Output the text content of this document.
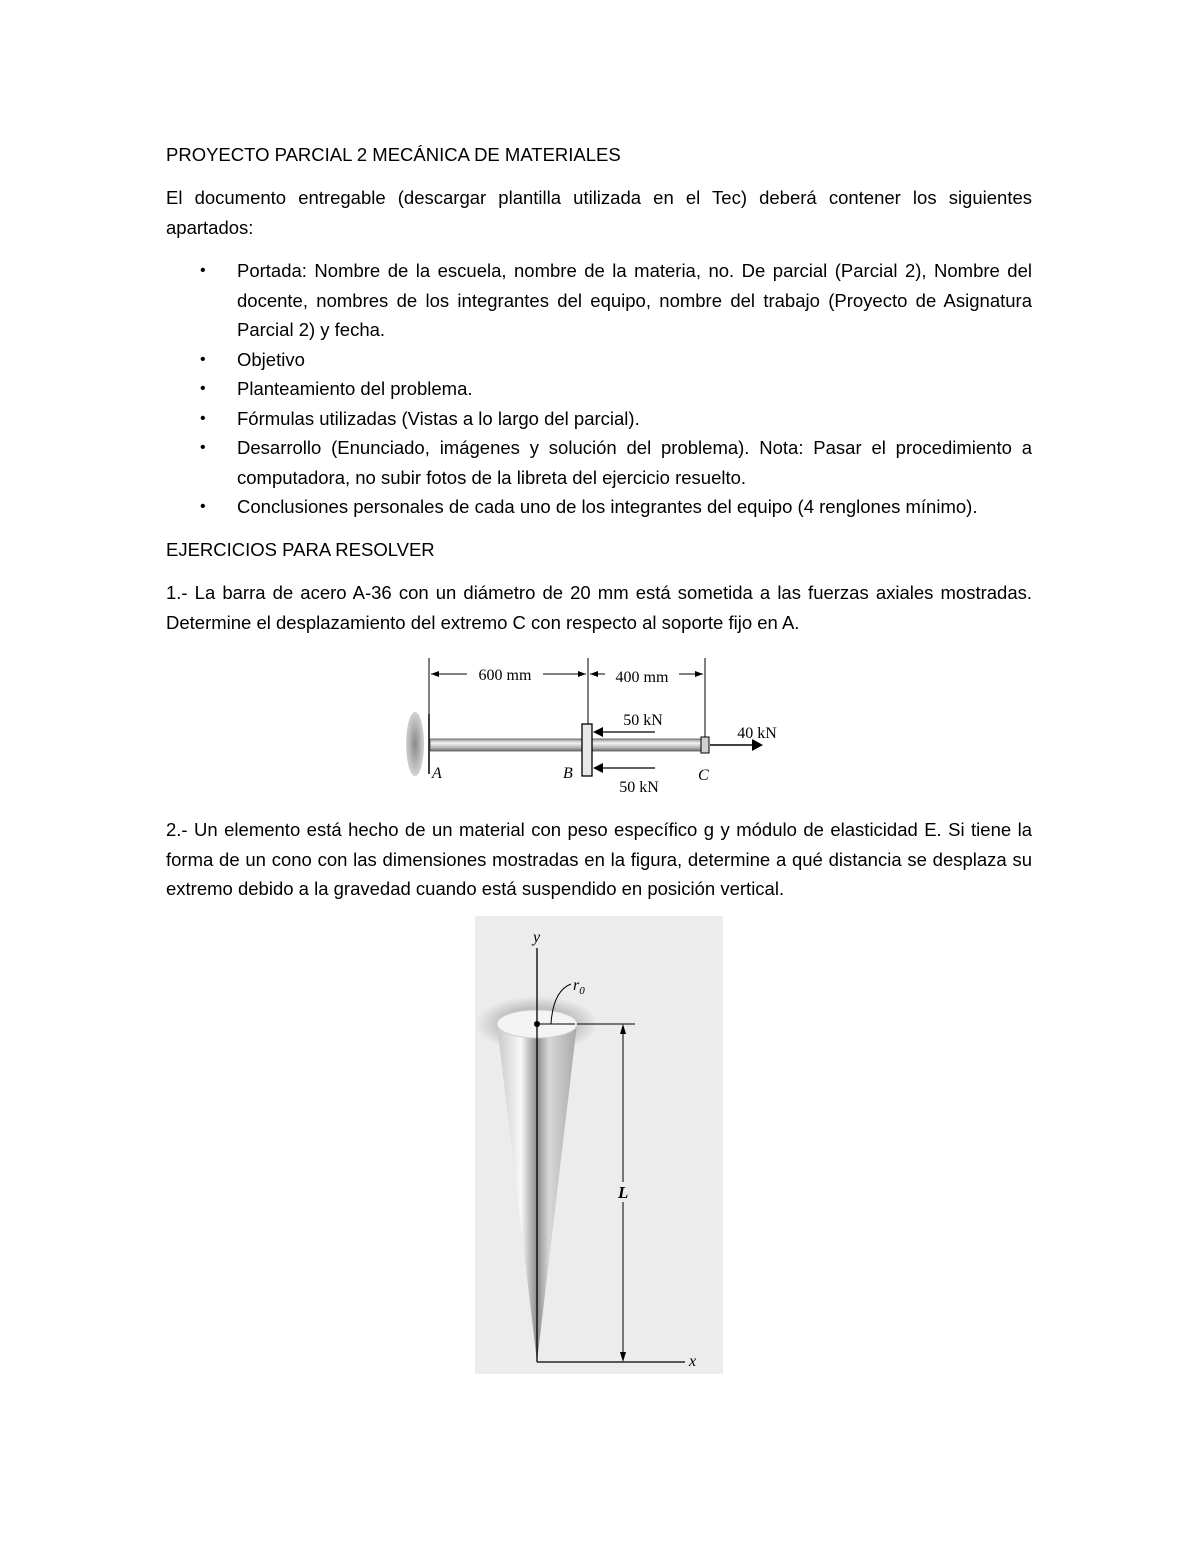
PROYECTO PARCIAL 2 MECÁNICA DE MATERIALES
El documento entregable (descargar plantilla utilizada en el Tec) deberá contener los siguientes apartados:
• Portada: Nombre de la escuela, nombre de la materia, no. De parcial (Parcial 2), Nombre del docente, nombres de los integrantes del equipo, nombre del trabajo (Proyecto de Asignatura Parcial 2) y fecha.
• Objetivo
• Planteamiento del problema.
• Fórmulas utilizadas (Vistas a lo largo del parcial).
• Desarrollo (Enunciado, imágenes y solución del problema). Nota: Pasar el procedimiento a computadora, no subir fotos de la libreta del ejercicio resuelto.
• Conclusiones personales de cada uno de los integrantes del equipo (4 renglones mínimo).
EJERCICIOS PARA RESOLVER
1.- La barra de acero A-36 con un diámetro de 20 mm está sometida a las fuerzas axiales mostradas. Determine el desplazamiento del extremo C con respecto al soporte fijo en A.
600 mm	400 mm
50 kN
50 kN
40 kN
A	B	C
2.- Un elemento está hecho de un material con peso específico g y módulo de elasticidad E. Si tiene la forma de un cono con las dimensiones mostradas en la figura, determine a qué distancia se desplaza su extremo debido a la gravedad cuando está suspendido en posición vertical.
y
$r_0$
L
x
